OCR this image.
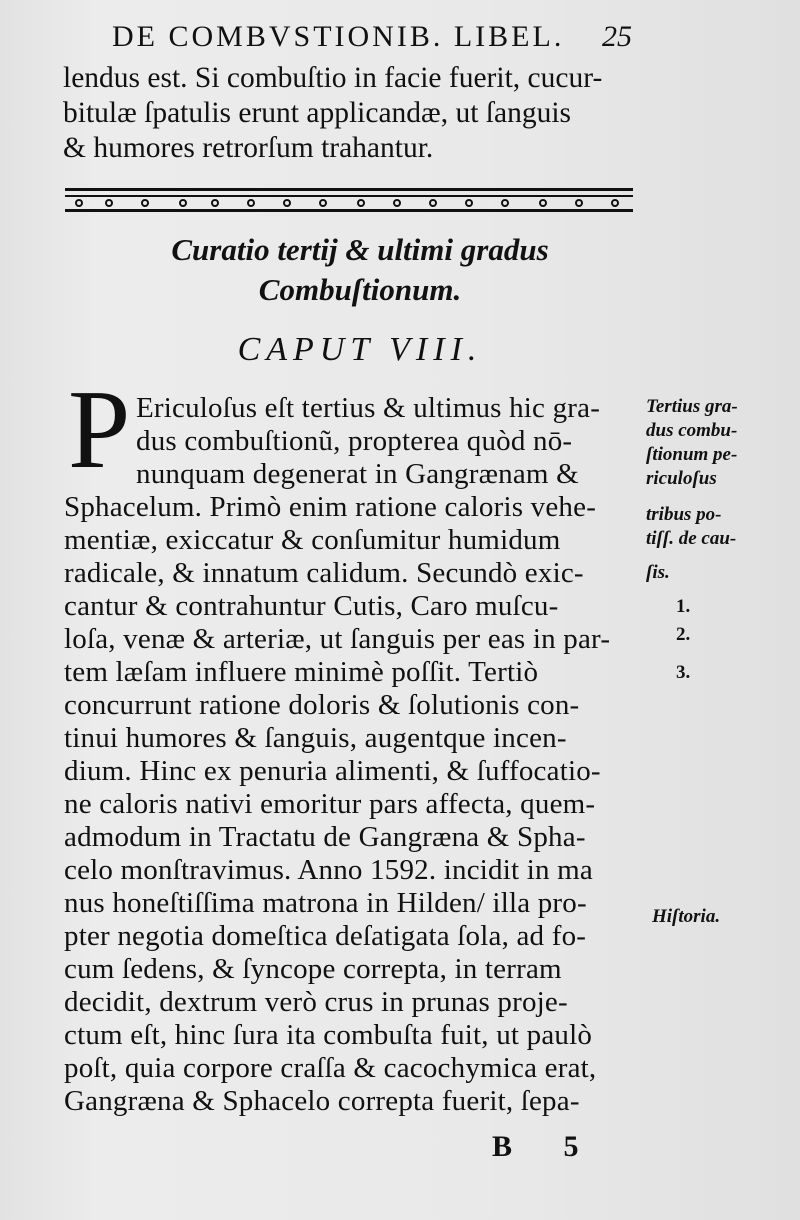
DE COMBVSTIONIB. LIBEL. 25
lendus est. Si combuſtio in facie fuerit, cucur-
bitulæ ſpatulis erunt applicandæ, ut ſanguis
& humores retrorſum trahantur.
Curatio tertij & ultimi gradus
Combuſtionum.
CAPUT VIII.
P Ericuloſus eſt tertius & ultimus hic gra-
dus combuſtionũ, propterea quòd nō-
nunquam degenerat in Gangrænam &
Sphacelum. Primò enim ratione caloris vehe-
mentiæ, exiccatur & conſumitur humidum
radicale, & innatum calidum. Secundò exic-
cantur & contrahuntur Cutis, Caro muſcu-
loſa, venæ & arteriæ, ut ſanguis per eas in par-
tem læſam influere minimè poſſit. Tertiò
concurrunt ratione doloris & ſolutionis con-
tinui humores & ſanguis, augentque incen-
dium. Hinc ex penuria alimenti, & ſuffocatio-
ne caloris nativi emoritur pars affecta, quem-
admodum in Tractatu de Gangræna & Spha-
celo monſtravimus. Anno 1592. incidit in ma
nus honeſtiſſima matrona in Hilden/ illa pro-
pter negotia domeſtica deſatigata ſola, ad fo-
cum ſedens, & ſyncope correpta, in terram
decidit, dextrum verò crus in prunas proje-
ctum eſt, hinc ſura ita combuſta fuit, ut paulò
poſt, quia corpore craſſa & cacochymica erat,
Gangræna & Sphacelo correpta fuerit, ſepa-
Tertius gra-
dus combu-
ſtionum pe-
riculoſus
tribus po-
tiſſ. de cau-
ſis.
1.
2.
3.
Hiſtoria.
B 5
